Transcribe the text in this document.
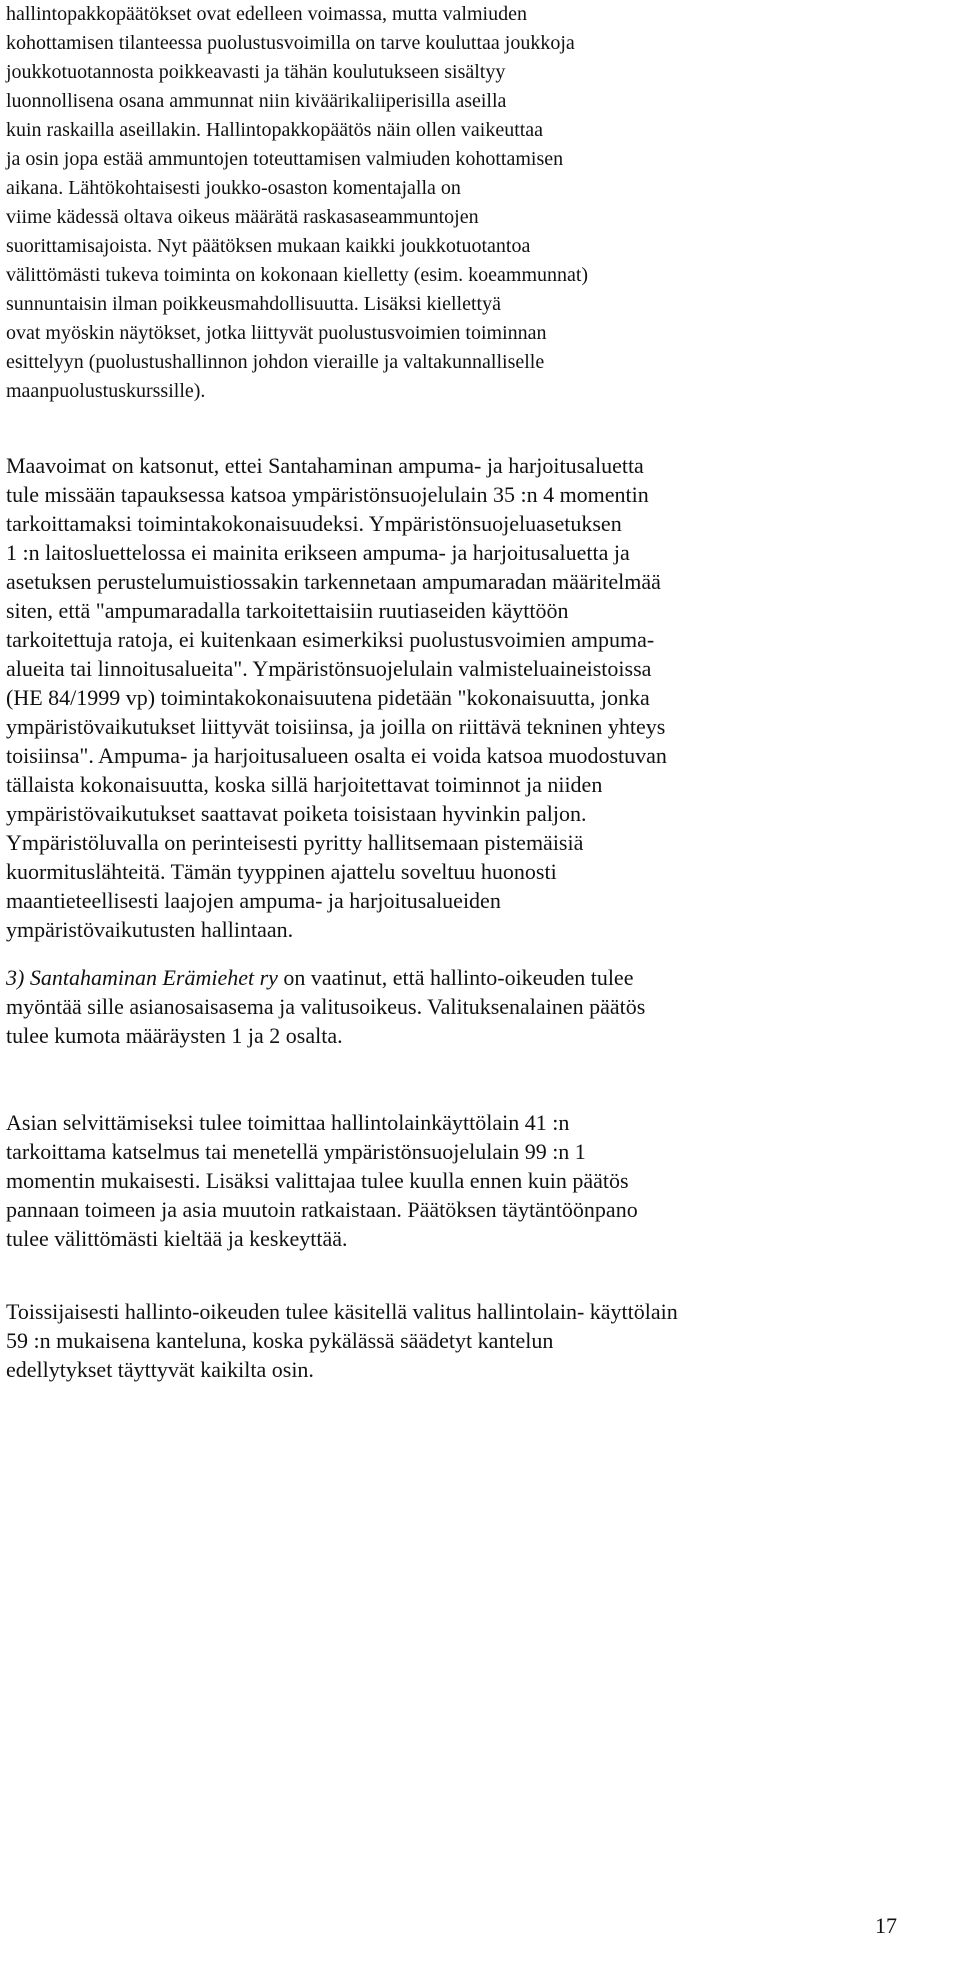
hallintopakkopäätökset ovat edelleen voimassa, mutta valmiuden
kohottamisen tilanteessa puolustusvoimilla on tarve kouluttaa joukkoja
joukkotuotannosta poikkeavasti ja tähän koulutukseen sisältyy
luonnollisena osana ammunnat niin kiväärikaliiperisilla aseilla
kuin raskailla aseillakin. Hallintopakkopäätös näin ollen vaikeuttaa
ja osin jopa estää ammuntojen toteuttamisen valmiuden kohottamisen
aikana. Lähtökohtaisesti joukko-osaston komentajalla on
viime kädessä oltava oikeus määrätä raskasaseammuntojen
suorittamisajoista. Nyt päätöksen mukaan kaikki joukkotuotantoa
välittömästi tukeva toiminta on kokonaan kielletty (esim. koeammunnat)
sunnuntaisin ilman poikkeusmahdollisuutta. Lisäksi kiellettyä
ovat myöskin näytökset, jotka liittyvät puolustusvoimien toiminnan
esittelyyn (puolustushallinnon johdon vieraille ja valtakunnalliselle
maanpuolustuskurssille).

Maavoimat on katsonut, ettei Santahaminan ampuma- ja harjoitusaluetta
tule missään tapauksessa katsoa ympäristönsuojelulain 35 :n 4 momentin
tarkoittamaksi toimintakokonaisuudeksi. Ympäristönsuojeluasetuksen
1 :n laitosluettelossa ei mainita erikseen ampuma- ja harjoitusaluetta ja
asetuksen perustelumuistiossakin tarkennetaan ampumaradan määritelmää
siten, että "ampumaradalla tarkoitettaisiin ruutiaseiden käyttöön
tarkoitettuja ratoja, ei kuitenkaan esimerkiksi puolustusvoimien ampuma-
alueita tai linnoitusalueita". Ympäristönsuojelulain valmisteluaineistoissa
(HE 84/1999 vp) toimintakokonaisuutena pidetään "kokonaisuutta, jonka
ympäristövaikutukset liittyvät toisiinsa, ja joilla on riittävä tekninen yhteys
toisiinsa". Ampuma- ja harjoitusalueen osalta ei voida katsoa muodostuvan
tällaista kokonaisuutta, koska sillä harjoitettavat toiminnot ja niiden
ympäristövaikutukset saattavat poiketa toisistaan hyvinkin paljon.
Ympäristöluvalla on perinteisesti pyritty hallitsemaan pistemäisiä
kuormituslähteitä. Tämän tyyppinen ajattelu soveltuu huonosti
maantieteellisesti laajojen ampuma- ja harjoitusalueiden
ympäristövaikutusten hallintaan.

3) Santahaminan Erämiehet ry on vaatinut, että hallinto-oikeuden tulee
myöntää sille asianosaisasema ja valitusoikeus. Valituksenalainen päätös
tulee kumota määräysten 1 ja 2 osalta.

Asian selvittämiseksi tulee toimittaa hallintolainkäyttölain 41 :n
tarkoittama katselmus tai menetellä ympäristönsuojelulain 99 :n 1
momentin mukaisesti. Lisäksi valittajaa tulee kuulla ennen kuin päätös
pannaan toimeen ja asia muutoin ratkaistaan. Päätöksen täytäntöönpano
tulee välittömästi kieltää ja keskeyttää.

Toissijaisesti hallinto-oikeuden tulee käsitellä valitus hallintolain- käyttölain
59 :n mukaisena kanteluna, koska pykälässä säädetyt kantelun
edellytykset täyttyvät kaikilta osin.

17
